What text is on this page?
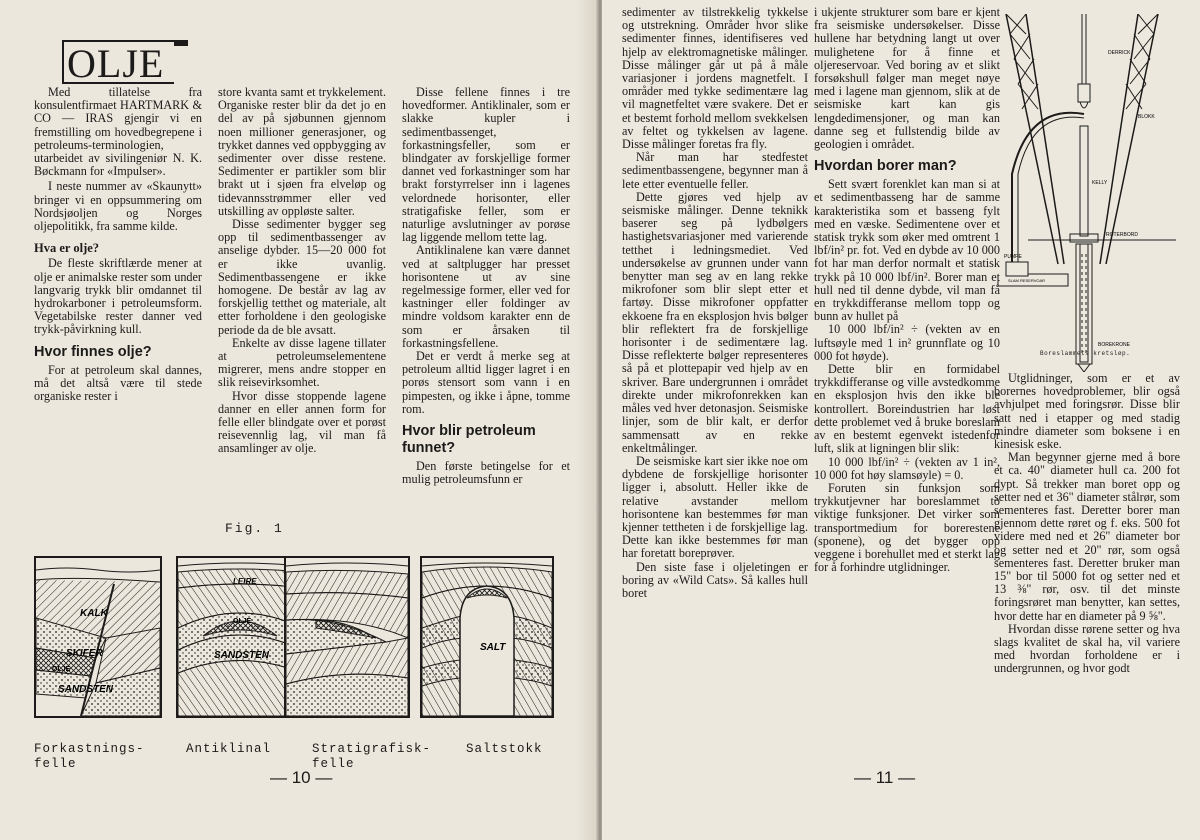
OLJE

Med tillatelse fra konsulentfirmaet HARTMARK & CO — IRAS gjengir vi en fremstilling om hovedbegrepene i petroleums-terminologien, utarbeidet av sivilingeniør N. K. Bøckmann for «Impulser».

I neste nummer av «Skaunytt» bringer vi en oppsummering om Nordsjøoljen og Norges oljepolitikk, fra samme kilde.

Hva er olje?

De fleste skriftlærde mener at olje er animalske rester som under langvarig trykk blir omdannet til hydrokarboner i petroleumsform. Vegetabilske rester danner ved trykk-påvirkning kull.

Hvor finnes olje?

For at petroleum skal dannes, må det altså være til stede organiske rester i

store kvanta samt et trykkelement. Organiske rester blir da det jo en del av på sjøbunnen gjennom noen millioner generasjoner, og trykket dannes ved oppbygging av sedimenter over disse restene. Sedimenter er partikler som blir brakt ut i sjøen fra elveløp og tidevannsstrømmer eller ved utskilling av oppløste salter.

Disse sedimenter bygger seg opp til sedimentbassenger av anselige dybder. 15—20 000 fot er ikke uvanlig. Sedimentbassengene er ikke homogene. De består av lag av forskjellig tetthet og materiale, alt etter forholdene i den geologiske periode da de ble avsatt.

Enkelte av disse lagene tillater at petroleumselementene migrerer, mens andre stopper en slik reisevirksomhet.

Hvor disse stoppende lagene danner en eller annen form for felle eller blindgate over et porøst reisevennlig lag, vil man få ansamlinger av olje.

Disse fellene finnes i tre hovedformer. Antiklinaler, som er slakke kupler i sedimentbassenget, forkastningsfeller, som er blindgater av forskjellige former dannet ved forkastninger som har brakt forstyrrelser inn i lagenes velordnede horisonter, eller stratigafiske feller, som er naturlige avslutninger av porøse lag liggende mellom tette lag.

Antiklinalene kan være dannet ved at saltplugger har presset horisontene ut av sine regelmessige former, eller ved for kastninger eller foldinger av mindre voldsom karakter enn de som er årsaken til forkastningsfellene.

Det er verdt å merke seg at petroleum alltid ligger lagret i en porøs stensort som vann i en pimpesten, og ikke i åpne, tomme rom.

Hvor blir petroleum funnet?

Den første betingelse for et mulig petroleumsfunn er

Fig. 1
KALK
SKIFER
OLJE
SANDSTEN
LEIRE
OLJE
SANDSTEN
SALT
Forkastnings-felle
Antiklinal	Stratigrafisk-felle
Saltstokk
— 10 —

sedimenter av tilstrekkelig tykkelse og utstrekning. Områder hvor slike sedimenter finnes, identifiseres ved hjelp av elektromagnetiske målinger. Disse målinger går ut på å måle variasjoner i jordens magnetfelt. I områder med tykke sedimentære lag vil magnetfeltet være svakere. Det er et bestemt forhold mellom svekkelsen av feltet og tykkelsen av lagene. Disse målinger foretas fra fly.

Når man har stedfestet sedimentbassengene, begynner man å lete etter eventuelle feller.

Dette gjøres ved hjelp av seismiske målinger. Denne teknikk baserer seg på lydbølgers hastighetsvariasjoner med varierende tetthet i ledningsmediet. Ved undersøkelse av grunnen under vann benytter man seg av en lang rekke mikrofoner som blir slept etter et fartøy. Disse mikrofoner oppfatter ekkoene fra en eksplosjon hvis bølger blir reflektert fra de forskjellige horisonter i de sedimentære lag. Disse reflekterte bølger representeres så på et plottepapir ved hjelp av en skriver. Bare undergrunnen i området direkte under mikrofonrekken kan måles ved hver detonasjon. Seismiske linjer, som de blir kalt, er derfor sammensatt av en rekke enkeltmålinger.

De seismiske kart sier ikke noe om dybdene de forskjellige horisonter ligger i, absolutt. Heller ikke de relative avstander mellom horisontene kan bestemmes før man kjenner tettheten i de forskjellige lag. Dette kan ikke bestemmes før man har foretatt boreprøver.

Den siste fase i oljeletingen er boring av «Wild Cats». Så kalles hull boret

i ukjente strukturer som bare er kjent fra seismiske undersøkelser. Disse hullene har betydning langt ut over mulighetene for å finne et oljereservoar. Ved boring av et slikt forsøkshull følger man meget nøye med i lagene man gjennom, slik at de seismiske kart kan gis lengdedimensjoner, og man kan danne seg et fullstendig bilde av geologien i området.

Hvordan borer man?

Sett svært forenklet kan man si at et sedimentbasseng har de samme karakteristika som et basseng fylt med en væske. Sedimentene over et statisk trykk som øker med omtrent 1 lbf/in² pr. fot. Ved en dybde av 10 000 fot har man derfor normalt et statisk trykk på 10 000 lbf/in². Borer man et hull ned til denne dybde, vil man få en trykkdifferanse mellom topp og bunn av hullet på

10 000 lbf/in² ÷ (vekten av en luftsøyle med 1 in² grunnflate og 10 000 fot høyde).

Dette blir en formidabel trykkdifferanse og ville avstedkomme en eksplosjon hvis den ikke ble kontrollert. Boreindustrien har løst dette problemet ved å bruke boreslam av en bestemt egenvekt istedenfor luft, slik at ligningen blir slik:

10 000 lbf/in² ÷ (vekten av 1 in², 10 000 fot høy slamsøyle) = 0.

Foruten sin funksjon som trykkutjevner har boreslammet to viktige funksjoner. Det virker som transportmedium for borerestene (sponene), og det bygger opp veggene i borehullet med et sterkt lag for å forhindre utglidninger.

Utglidninger, som er et av borernes hovedproblemer, blir også avhjulpet med foringsrør. Disse blir satt ned i etapper og med stadig mindre diameter som boksene i en kinesisk eske.

Man begynner gjerne med å bore et ca. 40" diameter hull ca. 200 fot dypt. Så trekker man boret opp og setter ned et 36" diameter stålrør, som sementeres fast. Deretter borer man gjennom dette røret og f. eks. 500 fot videre med ned et 26" diameter bor og setter ned et 20" rør, som også sementeres fast. Deretter bruker man 15" bor til 5000 fot og setter ned et 13 ⅜" rør, osv. til det minste foringsrøret man benytter, kan settes, hvor dette har en diameter på 9 ⅝".

Hvordan disse rørene setter og hva slags kvalitet de skal ha, vil variere med hvordan forholdene er i undergrunnen, og hvor godt

— 11 —
BLOKK
DERRICK
KELLY
PUMPE
SLAM RESERVOAR
ROTERBORD
BOREKRONE
Boreslammets kretsløp.
